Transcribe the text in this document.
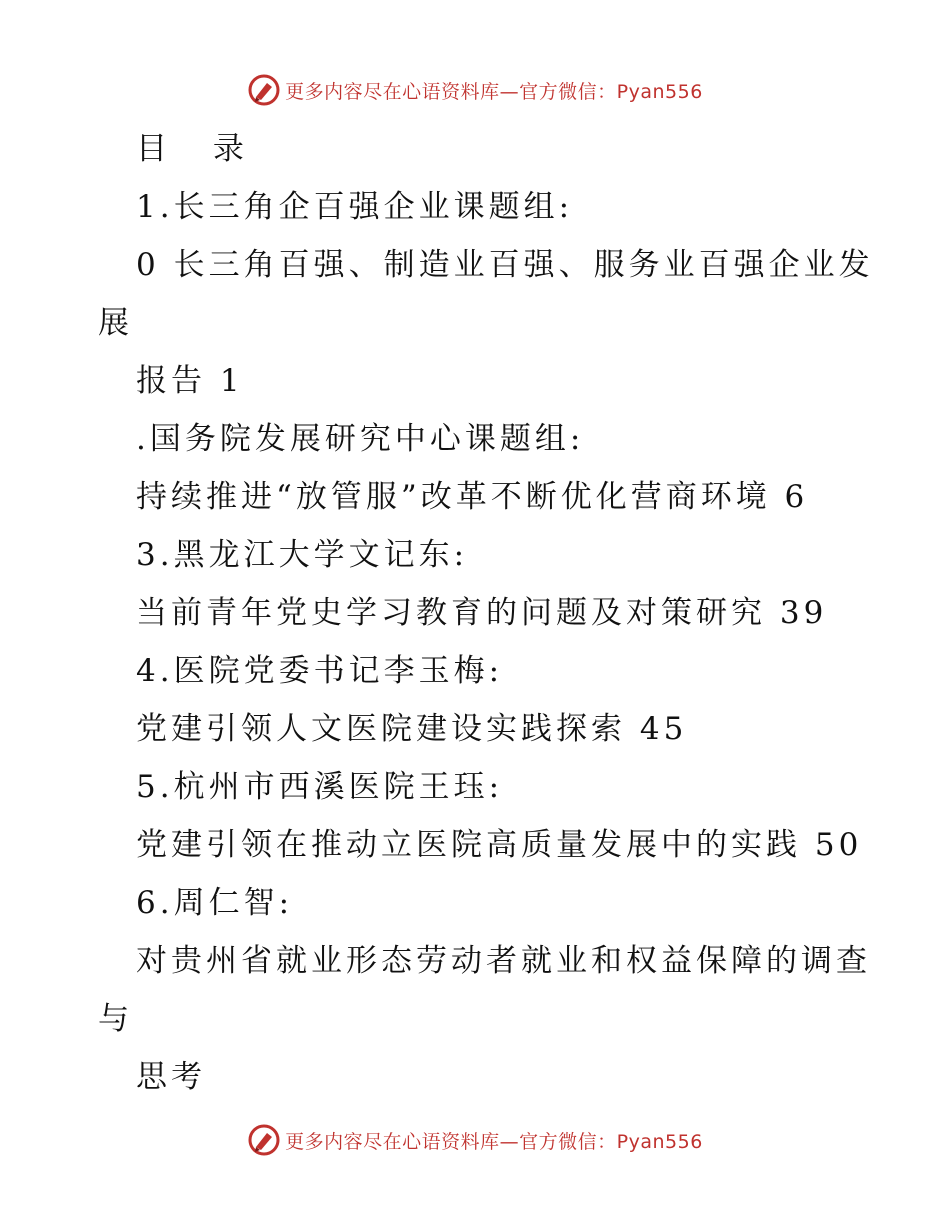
更多内容尽在心语资料库—官方微信：Pyan556
目 录
1.长三角企百强企业课题组:
0 长三角百强、制造业百强、服务业百强企业发
展
报告 1
.国务院发展研究中心课题组:
持续推进“放管服”改革不断优化营商环境 6
3.黑龙江大学文记东:
当前青年党史学习教育的问题及对策研究 39
4.医院党委书记李玉梅:
党建引领人文医院建设实践探索 45
5.杭州市西溪医院王珏:
党建引领在推动立医院高质量发展中的实践 50
6.周仁智:
对贵州省就业形态劳动者就业和权益保障的调查
与
思考
更多内容尽在心语资料库—官方微信：Pyan556
